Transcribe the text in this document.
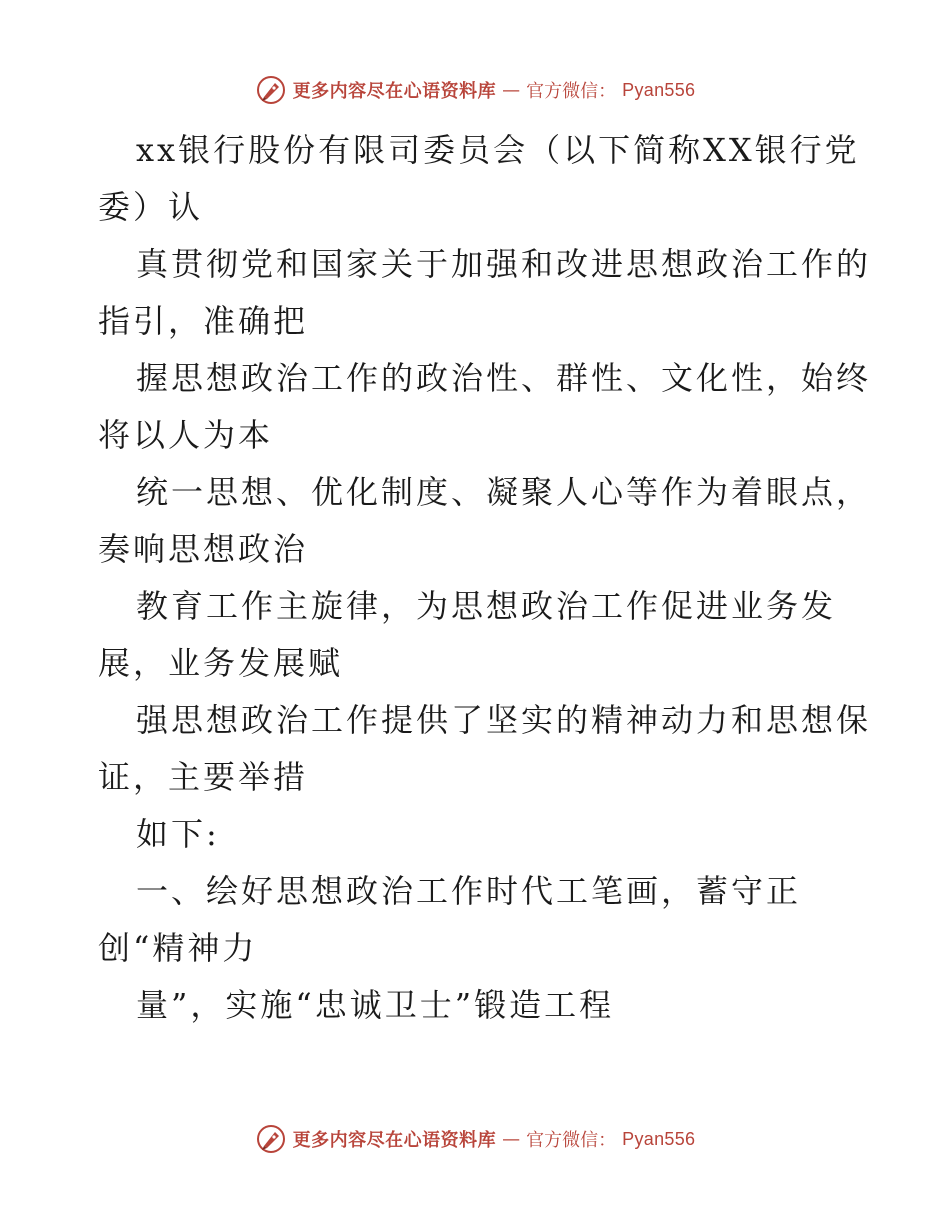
更多内容尽在心语资料库 — 官方微信： Pyan556
xx银行股份有限司委员会（以下简称XX银行党
委）认
真贯彻党和国家关于加强和改进思想政治工作的
指引，准确把
握思想政治工作的政治性、群性、文化性，始终
将以人为本
统一思想、优化制度、凝聚人心等作为着眼点，
奏响思想政治
教育工作主旋律，为思想政治工作促进业务发
展，业务发展赋
强思想政治工作提供了坚实的精神动力和思想保
证，主要举措
如下:
一、绘好思想政治工作时代工笔画，蓄守正
创“精神力
量”，实施“忠诚卫士”锻造工程
更多内容尽在心语资料库 — 官方微信： Pyan556
